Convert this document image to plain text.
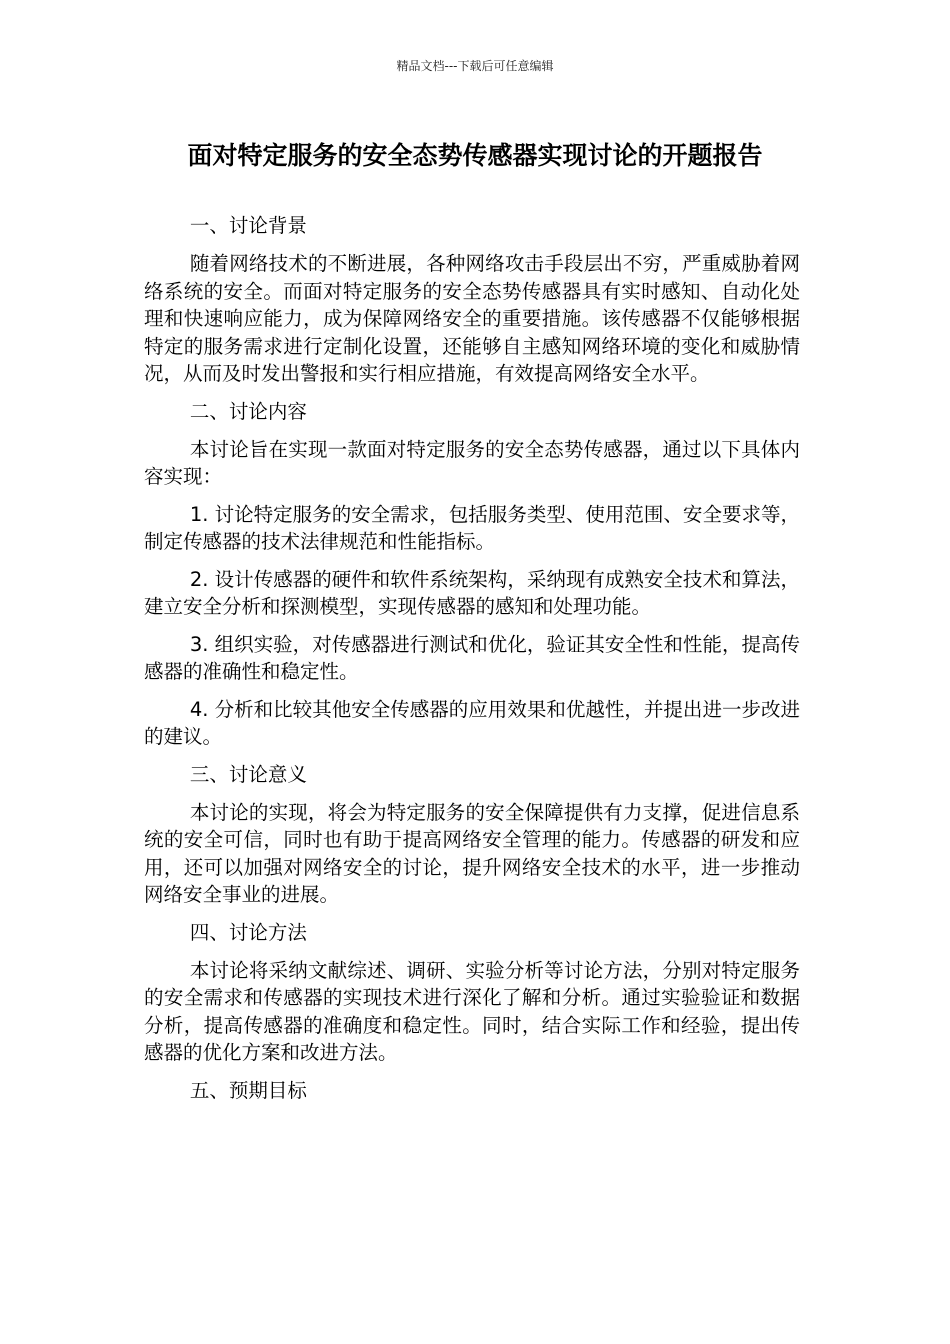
精品文档---下载后可任意编辑
面对特定服务的安全态势传感器实现讨论的开题报告
一、讨论背景

随着网络技术的不断进展，各种网络攻击手段层出不穷，严重威胁着网络系统的安全。而面对特定服务的安全态势传感器具有实时感知、自动化处理和快速响应能力，成为保障网络安全的重要措施。该传感器不仅能够根据特定的服务需求进行定制化设置，还能够自主感知网络环境的变化和威胁情况，从而及时发出警报和实行相应措施，有效提高网络安全水平。

二、讨论内容

本讨论旨在实现一款面对特定服务的安全态势传感器，通过以下具体内容实现：

1. 讨论特定服务的安全需求，包括服务类型、使用范围、安全要求等，制定传感器的技术法律规范和性能指标。

2. 设计传感器的硬件和软件系统架构，采纳现有成熟安全技术和算法，建立安全分析和探测模型，实现传感器的感知和处理功能。

3. 组织实验，对传感器进行测试和优化，验证其安全性和性能，提高传感器的准确性和稳定性。

4. 分析和比较其他安全传感器的应用效果和优越性，并提出进一步改进的建议。

三、讨论意义

本讨论的实现，将会为特定服务的安全保障提供有力支撑，促进信息系统的安全可信，同时也有助于提高网络安全管理的能力。传感器的研发和应用，还可以加强对网络安全的讨论，提升网络安全技术的水平，进一步推动网络安全事业的进展。

四、讨论方法

本讨论将采纳文献综述、调研、实验分析等讨论方法，分别对特定服务的安全需求和传感器的实现技术进行深化了解和分析。通过实验验证和数据分析，提高传感器的准确度和稳定性。同时，结合实际工作和经验，提出传感器的优化方案和改进方法。

五、预期目标
